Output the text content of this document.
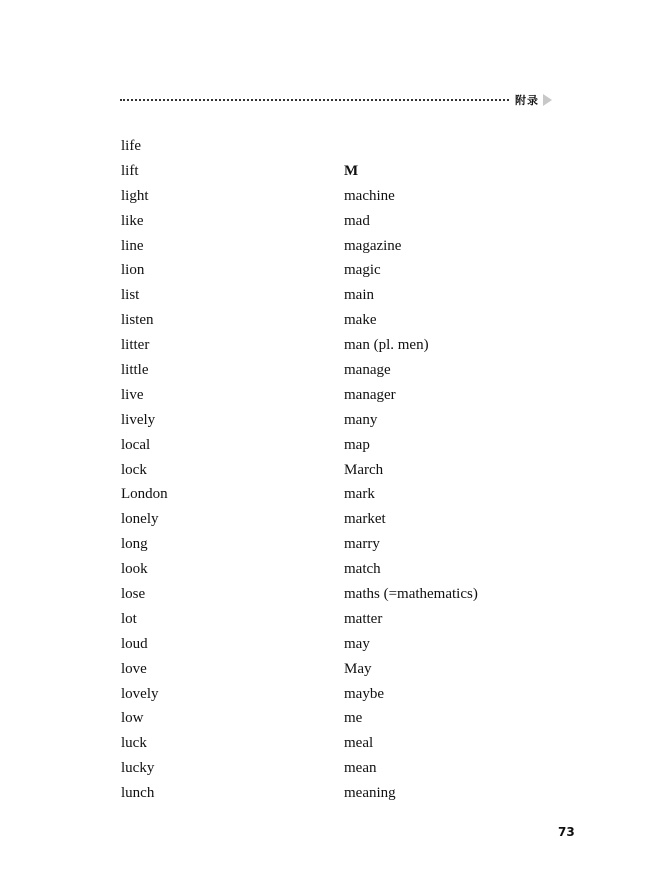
附录
life
lift
light
like
line
lion
list
listen
litter
little
live
lively
local
lock
London
lonely
long
look
lose
lot
loud
love
lovely
low
luck
lucky
lunch
M
machine
mad
magazine
magic
main
make
man (pl. men)
manage
manager
many
map
March
mark
market
marry
match
maths (=mathematics)
matter
may
May
maybe
me
meal
mean
meaning
73
